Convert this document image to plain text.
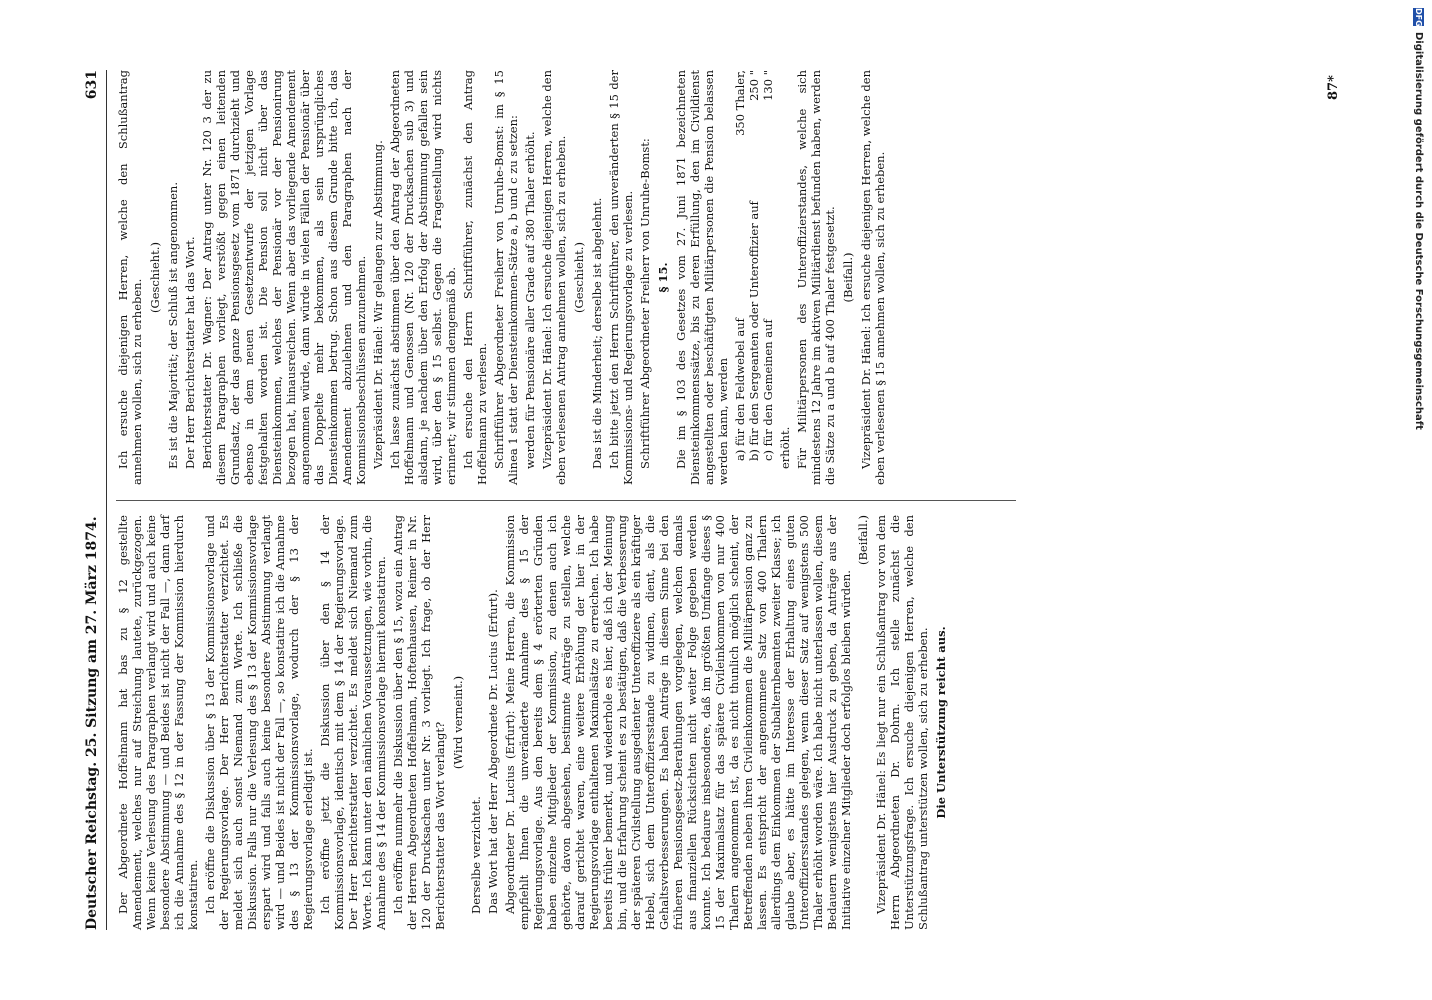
DFG
Digitalisierung gefördert durch die Deutsche Forschungsgemeinschaft
Deutscher Reichstag. 25. Sitzung am 27. März 1874.
631

Der Abgeordnete Hoffelmann hat bas zu § 12 gestellte Amendement, welches nur auf Streichung lautete, zurückgezogen. Wenn keine Verlesung des Paragraphen verlangt wird und auch keine besondere Abstimmung — und Beides ist nicht der Fall —, dann darf ich die Annahme des § 12 in der Fassung der Kommission hierdurch konstatiren. Ich eröffne die Diskussion über § 13 der Kommissionsvorlage und der Regierungsvorlage. Der Herr Berichterstatter verzichtet. Es meldet sich auch sonst Niemand zum Worte. Ich schließe die Diskussion. Falls nur die Verlesung des § 13 der Kommissionsvorlage erspart wird und falls auch keine besondere Abstimmung verlangt wird — und Beides ist nicht der Fall —, so konstatire ich die Annahme des § 13 der Kommissionsvorlage, wodurch der § 13 der Regierungsvorlage erledigt ist. Ich eröffne jetzt die Diskussion über den § 14 der Kommissionsvorlage, identisch mit dem § 14 der Regierungsvorlage. Der Herr Berichterstatter verzichtet. Es meldet sich Niemand zum Worte. Ich kann unter den nämlichen Voraussetzungen, wie vorhin, die Annahme des § 14 der Kommissionsvorlage hiermit konstatiren. Ich eröffne nunmehr die Diskussion über den § 15, wozu ein Antrag der Herren Abgeordneten Hoffelmann, Hoftenhausen, Reimer in Nr. 120 der Drucksachen unter Nr. 3 vorliegt. Ich frage, ob der Herr Berichterstatter das Wort verlangt? (Wird verneint.)

Derselbe verzichtet. Das Wort hat der Herr Abgeordnete Dr. Lucius (Erfurt). Abgeordneter Dr. Lucius (Erfurt): Meine Herren, die Kommission empfiehlt Ihnen die unveränderte Annahme des § 15 der Regierungsvorlage. Aus den bereits dem § 4 erörterten Gründen haben einzelne Mitglieder der Kommission, zu denen auch ich gehörte, davon abgesehen, bestimmte Anträge zu stellen, welche darauf gerichtet waren, eine weitere Erhöhung der hier in der Regierungsvorlage enthaltenen Maximalsätze zu erreichen. Ich habe bereits früher bemerkt, und wiederhole es hier, daß ich der Meinung bin, und die Erfahrung scheint es zu bestätigen, daß die Verbesserung der späteren Civilstellung ausgedienter Unteroffiziere als ein kräftiger Hebel, sich dem Unteroffiziersstande zu widmen, dient, als die Gehaltsverbesserungen. Es haben Anträge in diesem Sinne bei den früheren Pensionsgesetz-Berathungen vorgelegen, welchen damals aus finanziellen Rücksichten nicht weiter Folge gegeben werden konnte. Ich bedaure insbesondere, daß im größten Umfange dieses § 15 der Maximalsatz für das spätere Civileinkommen von nur 400 Thalern angenommen ist, da es nicht thunlich möglich scheint, der Betreffenden neben ihren Civileinkommen die Militärpension ganz zu lassen. Es entspricht der angenommene Satz von 400 Thalern allerdings dem Einkommen der Subalternbeamten zweiter Klasse; ich glaube aber, es hätte im Interesse der Erhaltung eines guten Unteroffiziersstandes gelegen, wenn dieser Satz auf wenigstens 500 Thaler erhöht worden wäre. Ich habe nicht unterlassen wollen, diesem Bedauern wenigstens hier Ausdruck zu geben, da Anträge aus der Initiative einzelner Mitglieder doch erfolglos bleiben würden.

(Beifall.) Vizepräsident Dr. Hänel: Es liegt nur ein Schlußantrag vor von dem Herrn Abgeordneten Dr. Dohrn. Ich stelle zunächst die Unterstützungsfrage. Ich ersuche diejenigen Herren, welche den Schlußantrag unterstützen wollen, sich zu erheben. Die Unterstützung reicht aus.

Ich ersuche diejenigen Herren, welche den Schlußantrag annehmen wollen, sich zu erheben.

(Geschieht.) Es ist die Majorität; der Schluß ist angenommen. Der Herr Berichterstatter hat das Wort. Berichterstatter Dr. Wagner: Der Antrag unter Nr. 120 3 der zu diesem Paragraphen vorliegt, verstößt gegen einen leitenden Grundsatz, der das ganze Pensionsgesetz vom 1871 durchzieht und ebenso in dem neuen Gesetzentwurfe der jetzigen Vorlage festgehalten worden ist. Die Pension soll nicht über das Diensteinkommen, welches der Pensionär vor der Pensionirung bezogen hat, hinausreichen. Wenn aber das vorliegende Amendement angenommen würde, dann würde in vielen Fällen der Pensionär über das Doppelte mehr bekommen, als sein ursprüngliches Diensteinkommen betrug. Schon aus diesem Grunde bitte ich, das Amendement abzulehnen und den Paragraphen nach der Kommissionsbeschlüssen anzunehmen. Vizepräsident Dr. Hänel: Wir gelangen zur Abstimmung. Ich lasse zunächst abstimmen über den Antrag der Abgeordneten Hoffelmann und Genossen (Nr. 120 der Drucksachen sub 3) und alsdann, je nachdem über den Erfolg der Abstimmung gefallen sein wird, über den § 15 selbst. Gegen die Fragestellung wird nichts erinnert; wir stimmen demgemäß ab. Ich ersuche den Herrn Schriftführer, zunächst den Antrag Hoffelmann zu verlesen. Schriftführer Abgeordneter Freiherr von Unruhe-Bomst: im § 15 Alinea 1 statt der Diensteinkommen-Sätze a, b und c zu setzen: werden für Pensionäre aller Grade auf 380 Thaler erhöht. Vizepräsident Dr. Hänel: Ich ersuche diejenigen Herren, welche den eben verlesenen Antrag annehmen wollen, sich zu erheben. (Geschieht.) Das ist die Minderheit; derselbe ist abgelehnt. Ich bitte jetzt den Herrn Schriftführer, den unveränderten § 15 der Kommissions- und Regierungsvorlage zu verlesen. Schriftführer Abgeordneter Freiherr von Unruhe-Bomst: § 15. Die im § 103 des Gesetzes vom 27. Juni 1871 bezeichneten Diensteinkommenssätze, bis zu deren Erfüllung, den im Civildienst angestellten oder beschäftigten Militärpersonen die Pension belassen werden kann, werden a) für den Feldwebel auf
350 Thaler,
b) für den Sergeanten oder Unteroffizier auf
250 "
c) für den Gemeinen auf
130 "

erhöht. Für Militärpersonen des Unteroffizierstandes, welche sich mindestens 12 Jahre im aktiven Militärdienst befunden haben, werden die Sätze zu a und b auf 400 Thaler festgesetzt. (Beifall.) Vizepräsident Dr. Hänel: Ich ersuche diejenigen Herren, welche den eben verlesenen § 15 annehmen wollen, sich zu erheben.

87*
